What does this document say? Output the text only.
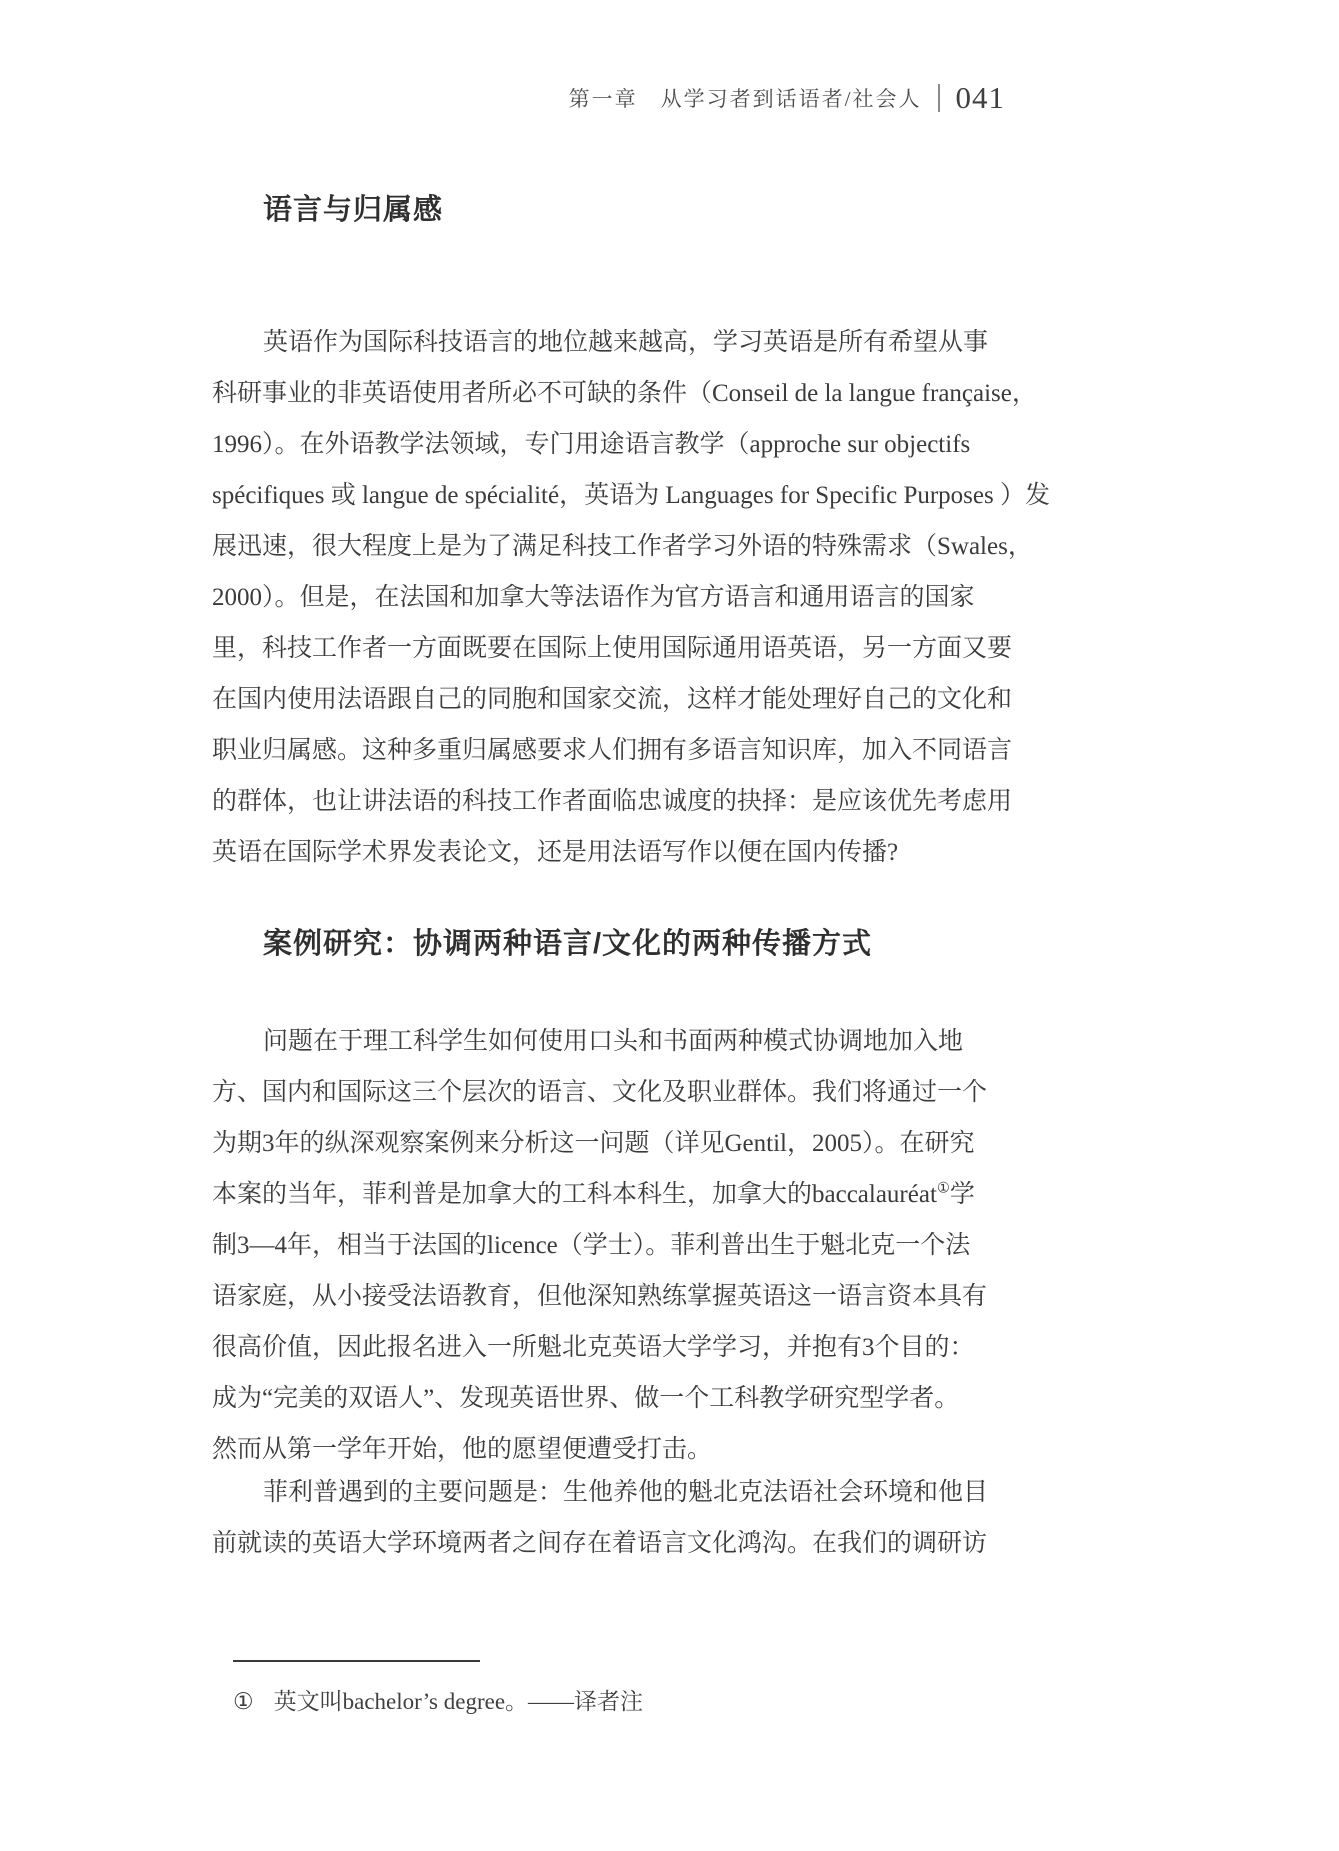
第一章　从学习者到话语者/社会人 041
语言与归属感
英语作为国际科技语言的地位越来越高，学习英语是所有希望从事
科研事业的非英语使用者所必不可缺的条件（Conseil de la langue française，
1996）。在外语教学法领域，专门用途语言教学（approche sur objectifs
spécifiques 或 langue de spécialité，英语为 Languages for Specific Purposes ）发
展迅速，很大程度上是为了满足科技工作者学习外语的特殊需求（Swales，
2000）。但是，在法国和加拿大等法语作为官方语言和通用语言的国家
里，科技工作者一方面既要在国际上使用国际通用语英语，另一方面又要
在国内使用法语跟自己的同胞和国家交流，这样才能处理好自己的文化和
职业归属感。这种多重归属感要求人们拥有多语言知识库，加入不同语言
的群体，也让讲法语的科技工作者面临忠诚度的抉择：是应该优先考虑用
英语在国际学术界发表论文，还是用法语写作以便在国内传播?
案例研究：协调两种语言/文化的两种传播方式
问题在于理工科学生如何使用口头和书面两种模式协调地加入地
方、国内和国际这三个层次的语言、文化及职业群体。我们将通过一个
为期3年的纵深观察案例来分析这一问题（详见Gentil，2005）。在研究
本案的当年，菲利普是加拿大的工科本科生，加拿大的baccalauréat①学
制3—4年，相当于法国的licence（学士）。菲利普出生于魁北克一个法
语家庭，从小接受法语教育，但他深知熟练掌握英语这一语言资本具有
很高价值，因此报名进入一所魁北克英语大学学习，并抱有3个目的：
成为“完美的双语人”、发现英语世界、做一个工科教学研究型学者。
然而从第一学年开始，他的愿望便遭受打击。
菲利普遇到的主要问题是：生他养他的魁北克法语社会环境和他目
前就读的英语大学环境两者之间存在着语言文化鸿沟。在我们的调研访
① 英文叫bachelor’s degree。——译者注
